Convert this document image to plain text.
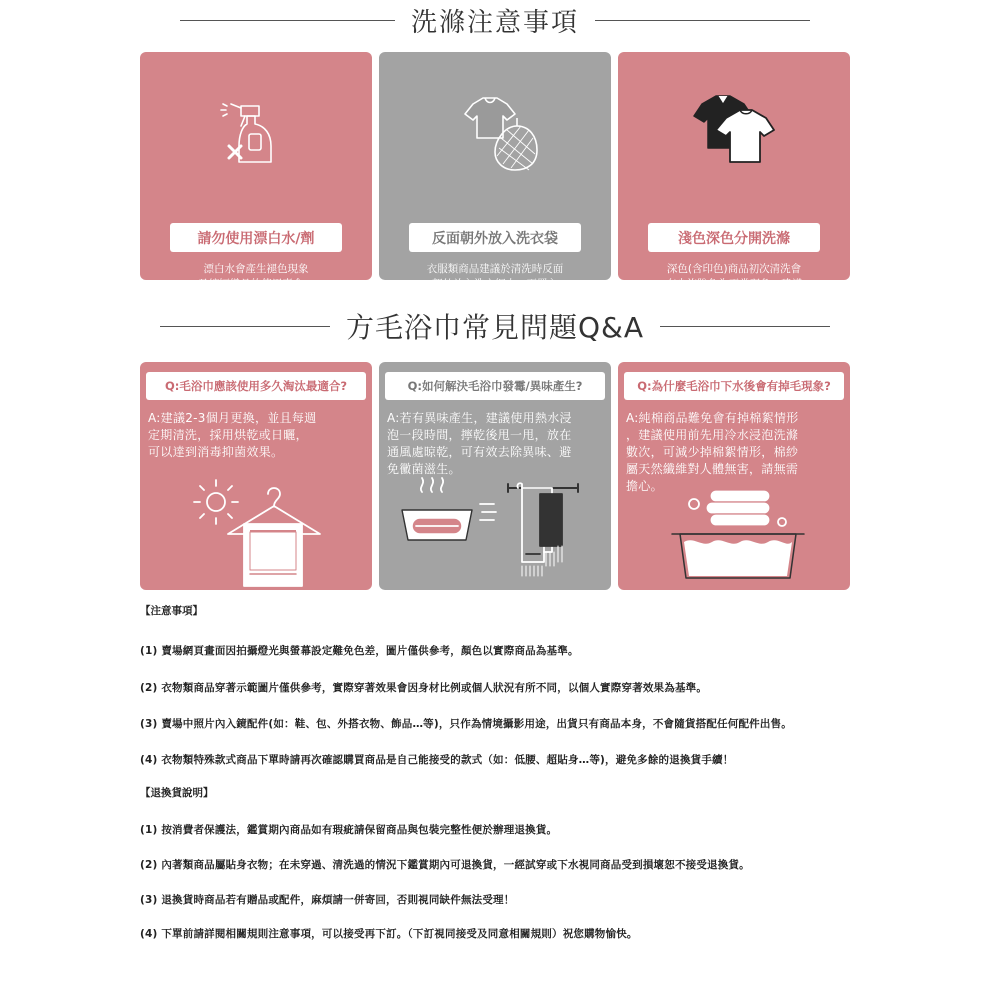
洗滌注意事項
請勿使用漂白水/劑
漂白水會產生褪色現象
及縮短織品的使用壽命。
反面朝外放入洗衣袋
衣服類商品建議於清洗時反面
朝外放入洗衣網中，再置入
洗衣機可以延長使用壽命。
淺色深色分開洗滌
深色(含印色)商品初次清洗會
有少許脫色為正常現象，建議
深色與淺色衣物分開洗滌。
方毛浴巾常見問題Q&A
Q:毛浴巾應該使用多久淘汰最適合?
A:建議2-3個月更換，並且每週
定期清洗，採用烘乾或日曬，
可以達到消毒抑菌效果。
Q:如何解決毛浴巾發霉/異味產生?
A:若有異味產生，建議使用熱水浸
泡一段時間，擰乾後甩一甩，放在
通風處晾乾，可有效去除異味、避
免黴菌滋生。
Q:為什麼毛浴巾下水後會有掉毛現象?
A:純棉商品難免會有掉棉絮情形
，建議使用前先用冷水浸泡洗滌
數次，可減少掉棉絮情形，棉紗
屬天然纖維對人體無害，請無需
擔心。
【注意事項】
(1) 賣場網頁畫面因拍攝燈光與螢幕設定難免色差，圖片僅供參考，顏色以實際商品為基準。
(2) 衣物類商品穿著示範圖片僅供參考，實際穿著效果會因身材比例或個人狀況有所不同，以個人實際穿著效果為基準。
(3) 賣場中照片內入鏡配件(如：鞋、包、外搭衣物、飾品…等)，只作為情境攝影用途，出貨只有商品本身，不會隨貨搭配任何配件出售。
(4) 衣物類特殊款式商品下單時請再次確認購買商品是自己能接受的款式（如：低腰、超貼身…等)，避免多餘的退換貨手續！
【退換貨說明】
(1) 按消費者保護法，鑑賞期內商品如有瑕疵請保留商品與包裝完整性便於辦理退換貨。
(2) 內著類商品屬貼身衣物；在未穿過、清洗過的情況下鑑賞期內可退換貨，一經試穿或下水視同商品受到損壞恕不接受退換貨。
(3) 退換貨時商品若有贈品或配件，麻煩請一併寄回，否則視同缺件無法受理！
(4) 下單前請詳閱相關規則注意事項，可以接受再下訂。（下訂視同接受及同意相關規則）祝您購物愉快。
